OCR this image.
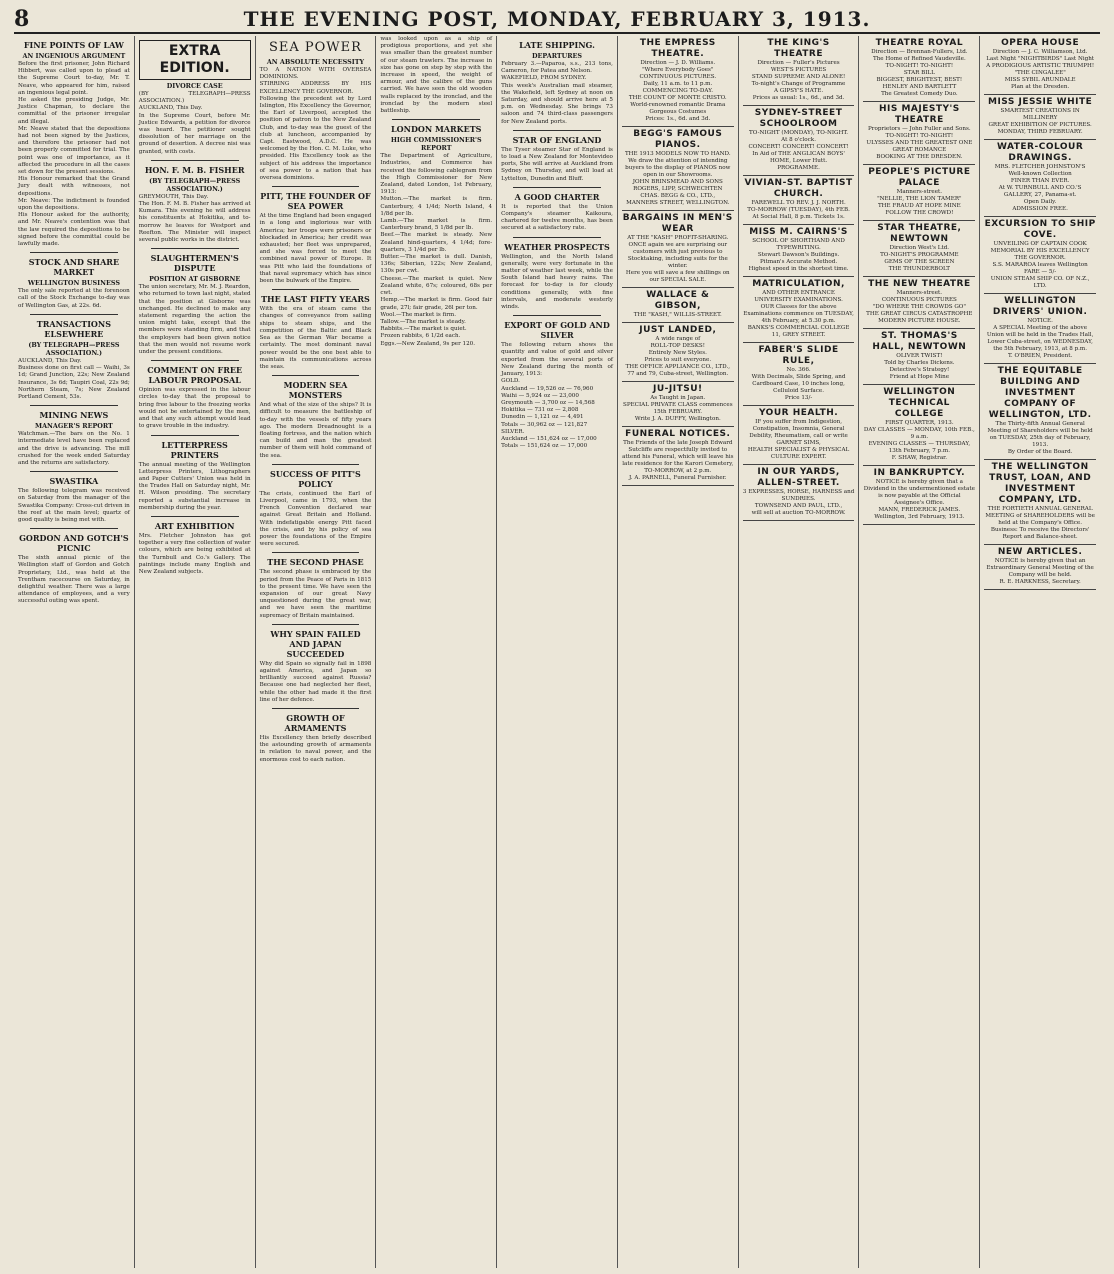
8	THE EVENING POST, MONDAY, FEBRUARY 3, 1913.
FINE POINTS OF LAW
AN INGENIOUS ARGUMENT

Before the first prisoner, John Richard Hibbert, was called upon to plead at the Supreme Court to-day, Mr. T. Neave, who appeared for him, raised an ingenious legal point.
He asked the presiding Judge, Mr. Justice Chapman, to declare the committal of the prisoner irregular and illegal.
Mr. Neave stated that the depositions had not been signed by the Justices, and therefore the prisoner had not been properly committed for trial. The point was one of importance, as it affected the procedure in all the cases set down for the present sessions.
His Honour remarked that the Grand Jury dealt with witnesses, not depositions.
Mr. Neave: The indictment is founded upon the depositions.
His Honour asked for the authority, and Mr. Neave's contention was that the law required the depositions to be signed before the committal could be lawfully made.

STOCK AND SHARE MARKET
WELLINGTON BUSINESS

The only sale reported at the forenoon call of the Stock Exchange to-day was of Wellington Gas, at 22s. 6d.

TRANSACTIONS ELSEWHERE
(BY TELEGRAPH—PRESS ASSOCIATION.)

AUCKLAND, This Day.
Business done on first call — Waihi, 3s 1d; Grand Junction, 22s; New Zealand Insurance, 3s 6d; Taupiri Coal, 22s 9d; Northern Steam, 7s; New Zealand Portland Cement, 53s.

MINING NEWS
MANAGER'S REPORT

Watchman.—The bars on the No. 1 intermediate level have been replaced and the drive is advancing. The mill crushed for the week ended Saturday and the returns are satisfactory.

SWASTIKA

The following telegram was received on Saturday from the manager of the Swastika Company: Cross-cut driven in the reef at the main level; quartz of good quality is being met with.

GORDON AND GOTCH'S PICNIC

The sixth annual picnic of the Wellington staff of Gordon and Gotch Proprietary, Ltd., was held at the Trentham racecourse on Saturday, in delightful weather. There was a large attendance of employees, and a very successful outing was spent.

EXTRA EDITION.
DIVORCE CASE

(BY TELEGRAPH—PRESS ASSOCIATION.)
AUCKLAND, This Day.
In the Supreme Court, before Mr. Justice Edwards, a petition for divorce was heard. The petitioner sought dissolution of her marriage on the ground of desertion. A decree nisi was granted, with costs.

HON. F. M. B. FISHER
(BY TELEGRAPH—PRESS ASSOCIATION.)

GREYMOUTH, This Day.
The Hon. F. M. B. Fisher has arrived at Kumara. This evening he will address his constituents at Hokitika, and to-morrow he leaves for Westport and Reefton. The Minister will inspect several public works in the district.

SLAUGHTERMEN'S DISPUTE
POSITION AT GISBORNE

The union secretary, Mr. M. J. Reardon, who returned to town last night, stated that the position at Gisborne was unchanged. He declined to make any statement regarding the action the union might take, except that the members were standing firm, and that the employers had been given notice that the men would not resume work under the present conditions.

COMMENT ON FREE LABOUR PROPOSAL

Opinion was expressed in the labour circles to-day that the proposal to bring free labour to the freezing works would not be entertained by the men, and that any such attempt would lead to grave trouble in the industry.

LETTERPRESS PRINTERS

The annual meeting of the Wellington Letterpress Printers, Lithographers and Paper Cutters' Union was held in the Trades Hall on Saturday night, Mr. H. Wilson presiding. The secretary reported a substantial increase in membership during the year.

ART EXHIBITION

Mrs. Fletcher Johnston has got together a very fine collection of water colours, which are being exhibited at the Turnbull and Co.'s Gallery. The paintings include many English and New Zealand subjects.

SEA POWER
AN ABSOLUTE NECESSITY

TO A NATION WITH OVERSEA DOMINIONS.
STIRRING ADDRESS BY HIS EXCELLENCY THE GOVERNOR.
Following the precedent set by Lord Islington, His Excellency the Governor, the Earl of Liverpool, accepted the position of patron to the New Zealand Club, and to-day was the guest of the club at luncheon, accompanied by Capt. Eastwood, A.D.C. He was welcomed by the Hon. C. M. Luke, who presided. His Excellency took as the subject of his address the importance of sea power to a nation that has oversea dominions.

PITT, THE FOUNDER OF SEA POWER

At the time England had been engaged in a long and inglorious war with America; her troops were prisoners or blockaded in America; her credit was exhausted; her fleet was unprepared, and she was forced to meet the combined naval power of Europe. It was Pitt who laid the foundations of that naval supremacy which has since been the bulwark of the Empire.

THE LAST FIFTY YEARS

With the era of steam came the changes of conveyance from sailing ships to steam ships, and the competition of the Baltic and Black Sea as the German War became a certainty. The most dominant naval power would be the one best able to maintain its communications across the seas.

MODERN SEA MONSTERS

And what of the size of the ships? It is difficult to measure the battleship of to-day with the vessels of fifty years ago. The modern Dreadnought is a floating fortress, and the nation which can build and man the greatest number of them will hold command of the sea.

SUCCESS OF PITT'S POLICY

The crisis, continued the Earl of Liverpool, came in 1793, when the French Convention declared war against Great Britain and Holland. With indefatigable energy Pitt faced the crisis, and by his policy of sea power the foundations of the Empire were secured.

THE SECOND PHASE

The second phase is embraced by the period from the Peace of Paris in 1815 to the present time. We have seen the expansion of our great Navy unquestioned during the great war, and we have seen the maritime supremacy of Britain maintained.

WHY SPAIN FAILED AND JAPAN SUCCEEDED

Why did Spain so signally fail in 1898 against America, and Japan so brilliantly succeed against Russia? Because one had neglected her fleet, while the other had made it the first line of her defence.

GROWTH OF ARMAMENTS

His Excellency then briefly described the astounding growth of armaments in relation to naval power, and the enormous cost to each nation.

was looked upon as a ship of prodigious proportions, and yet she was smaller than the greatest number of our steam trawlers. The increase in size has gone on step by step with the increase in speed, the weight of armour, and the calibre of the guns carried. We have seen the old wooden walls replaced by the ironclad, and the ironclad by the modern steel battleship.

LONDON MARKETS
HIGH COMMISSIONER'S REPORT

The Department of Agriculture, Industries, and Commerce has received the following cablegram from the High Commissioner for New Zealand, dated London, 1st February, 1913:
Mutton.—The market is firm. Canterbury, 4 1/4d; North Island, 4 1/8d per lb.
Lamb.—The market is firm. Canterbury brand, 5 1/8d per lb.
Beef.—The market is steady. New Zealand hind-quarters, 4 1/4d; fore-quarters, 3 1/4d per lb.
Butter.—The market is dull. Danish, 136s; Siberian, 122s; New Zealand, 130s per cwt.
Cheese.—The market is quiet. New Zealand white, 67s; coloured, 68s per cwt.
Hemp.—The market is firm. Good fair grade, 27l; fair grade, 26l per ton.
Wool.—The market is firm.
Tallow.—The market is steady.
Rabbits.—The market is quiet.
Frozen rabbits, 6 1/2d each.
Eggs.—New Zealand, 9s per 120.

LATE SHIPPING.
DEPARTURES

February 3.—Paparoa, s.s., 213 tons, Cameron, for Patea and Nelson.
WAKEFIELD, FROM SYDNEY.
This week's Australian mail steamer, the Wakefield, left Sydney at noon on Saturday, and should arrive here at 5 p.m. on Wednesday. She brings 73 saloon and 74 third-class passengers for New Zealand ports.

STAR OF ENGLAND

The Tyser steamer Star of England is to load a New Zealand for Montevideo ports, She will arrive at Auckland from Sydney on Thursday, and will load at Lyttelton, Dunedin and Bluff.

A GOOD CHARTER

It is reported that the Union Company's steamer Kaikoura, chartered for twelve months, has been secured at a satisfactory rate.

WEATHER PROSPECTS

Wellington, and the North Island generally, were very fortunate in the matter of weather last week, while the South Island had heavy rains. The forecast for to-day is for cloudy conditions generally, with fine intervals, and moderate westerly winds.

EXPORT OF GOLD AND SILVER

The following return shows the quantity and value of gold and silver exported from the several ports of New Zealand during the month of January, 1913:
GOLD.
Auckland — 19,526 oz — 76,960
Waihi — 5,924 oz — 23,000
Greymouth — 3,700 oz — 14,568
Hokitika — 731 oz — 2,808
Dunedin — 1,121 oz — 4,491
Totals — 30,962 oz — 121,827
SILVER.
Auckland — 151,624 oz — 17,000
Totals — 151,624 oz — 17,000

THE EMPRESS THEATRE.
Direction — J. D. Williams.
"Where Everybody Goes"
CONTINUOUS PICTURES.
Daily, 11 a.m. to 11 p.m.
COMMENCING TO-DAY.
THE COUNT OF MONTE CRISTO.
World-renowned romantic Drama
Gorgeous Costumes
Prices: 1s., 6d. and 3d.
BEGG'S FAMOUS PIANOS.
THE 1913 MODELS NOW TO HAND.
We draw the attention of intending buyers to the display of PIANOS now open in our Showrooms.
JOHN BRINSMEAD AND SONS
ROGERS, LIPP, SCHWECHTEN
CHAS. BEGG & CO., LTD.,
MANNERS STREET, WELLINGTON.
BARGAINS IN MEN'S WEAR
AT THE "KASH" PROFIT-SHARING.
ONCE again we are surprising our customers with just previous to Stocktaking, including suits for the winter.
Here you will save a few shillings on our SPECIAL SALE.
WALLACE & GIBSON,
THE "KASH," WILLIS-STREET.
JUST LANDED,
A wide range of
ROLL-TOP DESKS!
Entirely New Styles.
Prices to suit everyone.
THE OFFICE APPLIANCE CO., LTD.,
77 and 79, Cuba-street, Wellington.
JU-JITSU!
As Taught in Japan.
SPECIAL PRIVATE CLASS commences 15th FEBRUARY.
Write J. A. DUFFY, Wellington.
FUNERAL NOTICES.
The Friends of the late Joseph Edward Sutcliffe are respectfully invited to attend his Funeral, which will leave his late residence for the Karori Cemetery, TO-MORROW, at 2 p.m.
J. A. PARNELL, Funeral Furnisher.
THE KING'S THEATRE
Direction — Fuller's Pictures
WEST'S PICTURES
STAND SUPREME AND ALONE!
To-night's Change of Programme
A GIPSY'S HATE.
Prices as usual: 1s., 6d., and 3d.
SYDNEY-STREET SCHOOLROOM
TO-NIGHT (MONDAY), TO-NIGHT.
At 8 o'clock.
CONCERT! CONCERT! CONCERT!
In Aid of THE ANGLICAN BOYS' HOME, Lower Hutt.
PROGRAMME.
VIVIAN-ST. BAPTIST CHURCH.
FAREWELL TO REV. J. J. NORTH.
TO-MORROW (TUESDAY), 4th FEB.
At Social Hall, 8 p.m. Tickets 1s.
MISS M. CAIRNS'S
SCHOOL OF SHORTHAND AND TYPEWRITING.
Stewart Dawson's Buildings.
Pitman's Accurate Method.
Highest speed in the shortest time.
MATRICULATION,
AND OTHER ENTRANCE UNIVERSITY EXAMINATIONS.
OUR Classes for the above Examinations commence on TUESDAY, 4th February, at 5.30 p.m.
BANKS'S COMMERCIAL COLLEGE
11, GREY STREET.
FABER'S SLIDE RULE,
No. 366.
With Decimals, Slide Spring, and Cardboard Case, 10 inches long, Celluloid Surface.
Price 13/-
YOUR HEALTH.
IF you suffer from Indigestion, Constipation, Insomnia, General Debility, Rheumatism, call or write
GARNET SIMS,
HEALTH SPECIALIST & PHYSICAL CULTURE EXPERT.
IN OUR YARDS, ALLEN-STREET.
3 EXPRESSES, HORSE, HARNESS and SUNDRIES.
TOWNSEND AND PAUL, LTD.,
will sell at auction TO-MORROW.
THEATRE ROYAL
Direction — Brennan-Fullers, Ltd.
The Home of Refined Vaudeville.
TO-NIGHT! TO-NIGHT!
STAR BILL
BIGGEST, BRIGHTEST, BEST!
HENLEY AND BARTLETT
The Greatest Comedy Duo.
HIS MAJESTY'S THEATRE
Proprietors — John Fuller and Sons.
TO-NIGHT! TO-NIGHT!
ULYSSES AND THE GREATEST ONE
GREAT ROMANCE
BOOKING AT THE DRESDEN.
PEOPLE'S PICTURE PALACE
Manners-street.
"NELLIE, THE LION TAMER"
THE FRAUD AT HOPE MINE
FOLLOW THE CROWD!
STAR THEATRE, NEWTOWN
Direction West's Ltd.
TO-NIGHT'S PROGRAMME
GEMS OF THE SCREEN
THE THUNDERBOLT
THE NEW THEATRE
Manners-street.
CONTINUOUS PICTURES
"DO WHERE THE CROWDS GO"
THE GREAT CIRCUS CATASTROPHE
MODERN PICTURE HOUSE.
ST. THOMAS'S HALL, NEWTOWN
OLIVER TWIST!
Told by Charles Dickens.
Detective's Strategy!
Friend at Hope Mine
WELLINGTON TECHNICAL COLLEGE
FIRST QUARTER, 1913.
DAY CLASSES — MONDAY, 10th FEB., 9 a.m.
EVENING CLASSES — THURSDAY, 13th February, 7 p.m.
F. SHAW, Registrar.
IN BANKRUPTCY.
NOTICE is hereby given that a Dividend in the undermentioned estate is now payable at the Official Assignee's Office.
MANN, FREDERICK JAMES.
Wellington, 3rd February, 1913.
OPERA HOUSE
Direction — J. C. Williamson, Ltd.
Last Night "NIGHTBIRDS" Last Night
A PRODIGIOUS ARTISTIC TRIUMPH!
"THE CINGALEE"
MISS SYBIL ARUNDALE
Plan at the Dresden.
MISS JESSIE WHITE
SMARTEST CREATIONS IN MILLINERY
GREAT EXHIBITION OF PICTURES.
MONDAY, THIRD FEBRUARY.
WATER-COLOUR DRAWINGS.
MRS. FLETCHER JOHNSTON'S
Well-known Collection
FINER THAN EVER.
At W. TURNBULL AND CO.'S
GALLERY, 27, Panama-st.
Open Daily.
ADMISSION FREE.
EXCURSION TO SHIP COVE.
UNVEILING OF CAPTAIN COOK MEMORIAL BY HIS EXCELLENCY THE GOVERNOR.
S.S. MARAROA leaves Wellington
FARE — 5/-
UNION STEAM SHIP CO. OF N.Z., LTD.
WELLINGTON DRIVERS' UNION.
NOTICE.
A SPECIAL Meeting of the above Union will be held in the Trades Hall, Lower Cuba-street, on WEDNESDAY, the 5th February, 1913, at 8 p.m.
T. O'BRIEN, President.
THE EQUITABLE BUILDING AND INVESTMENT COMPANY OF WELLINGTON, LTD.
The Thirty-fifth Annual General Meeting of Shareholders will be held on TUESDAY, 25th day of February, 1913.
By Order of the Board.
THE WELLINGTON TRUST, LOAN, AND INVESTMENT COMPANY, LTD.
THE FORTIETH ANNUAL GENERAL MEETING of SHAREHOLDERS will be held at the Company's Office.
Business: To receive the Directors' Report and Balance-sheet.
NEW ARTICLES.
NOTICE is hereby given that an Extraordinary General Meeting of the Company will be held.
R. E. HARKNESS, Secretary.
